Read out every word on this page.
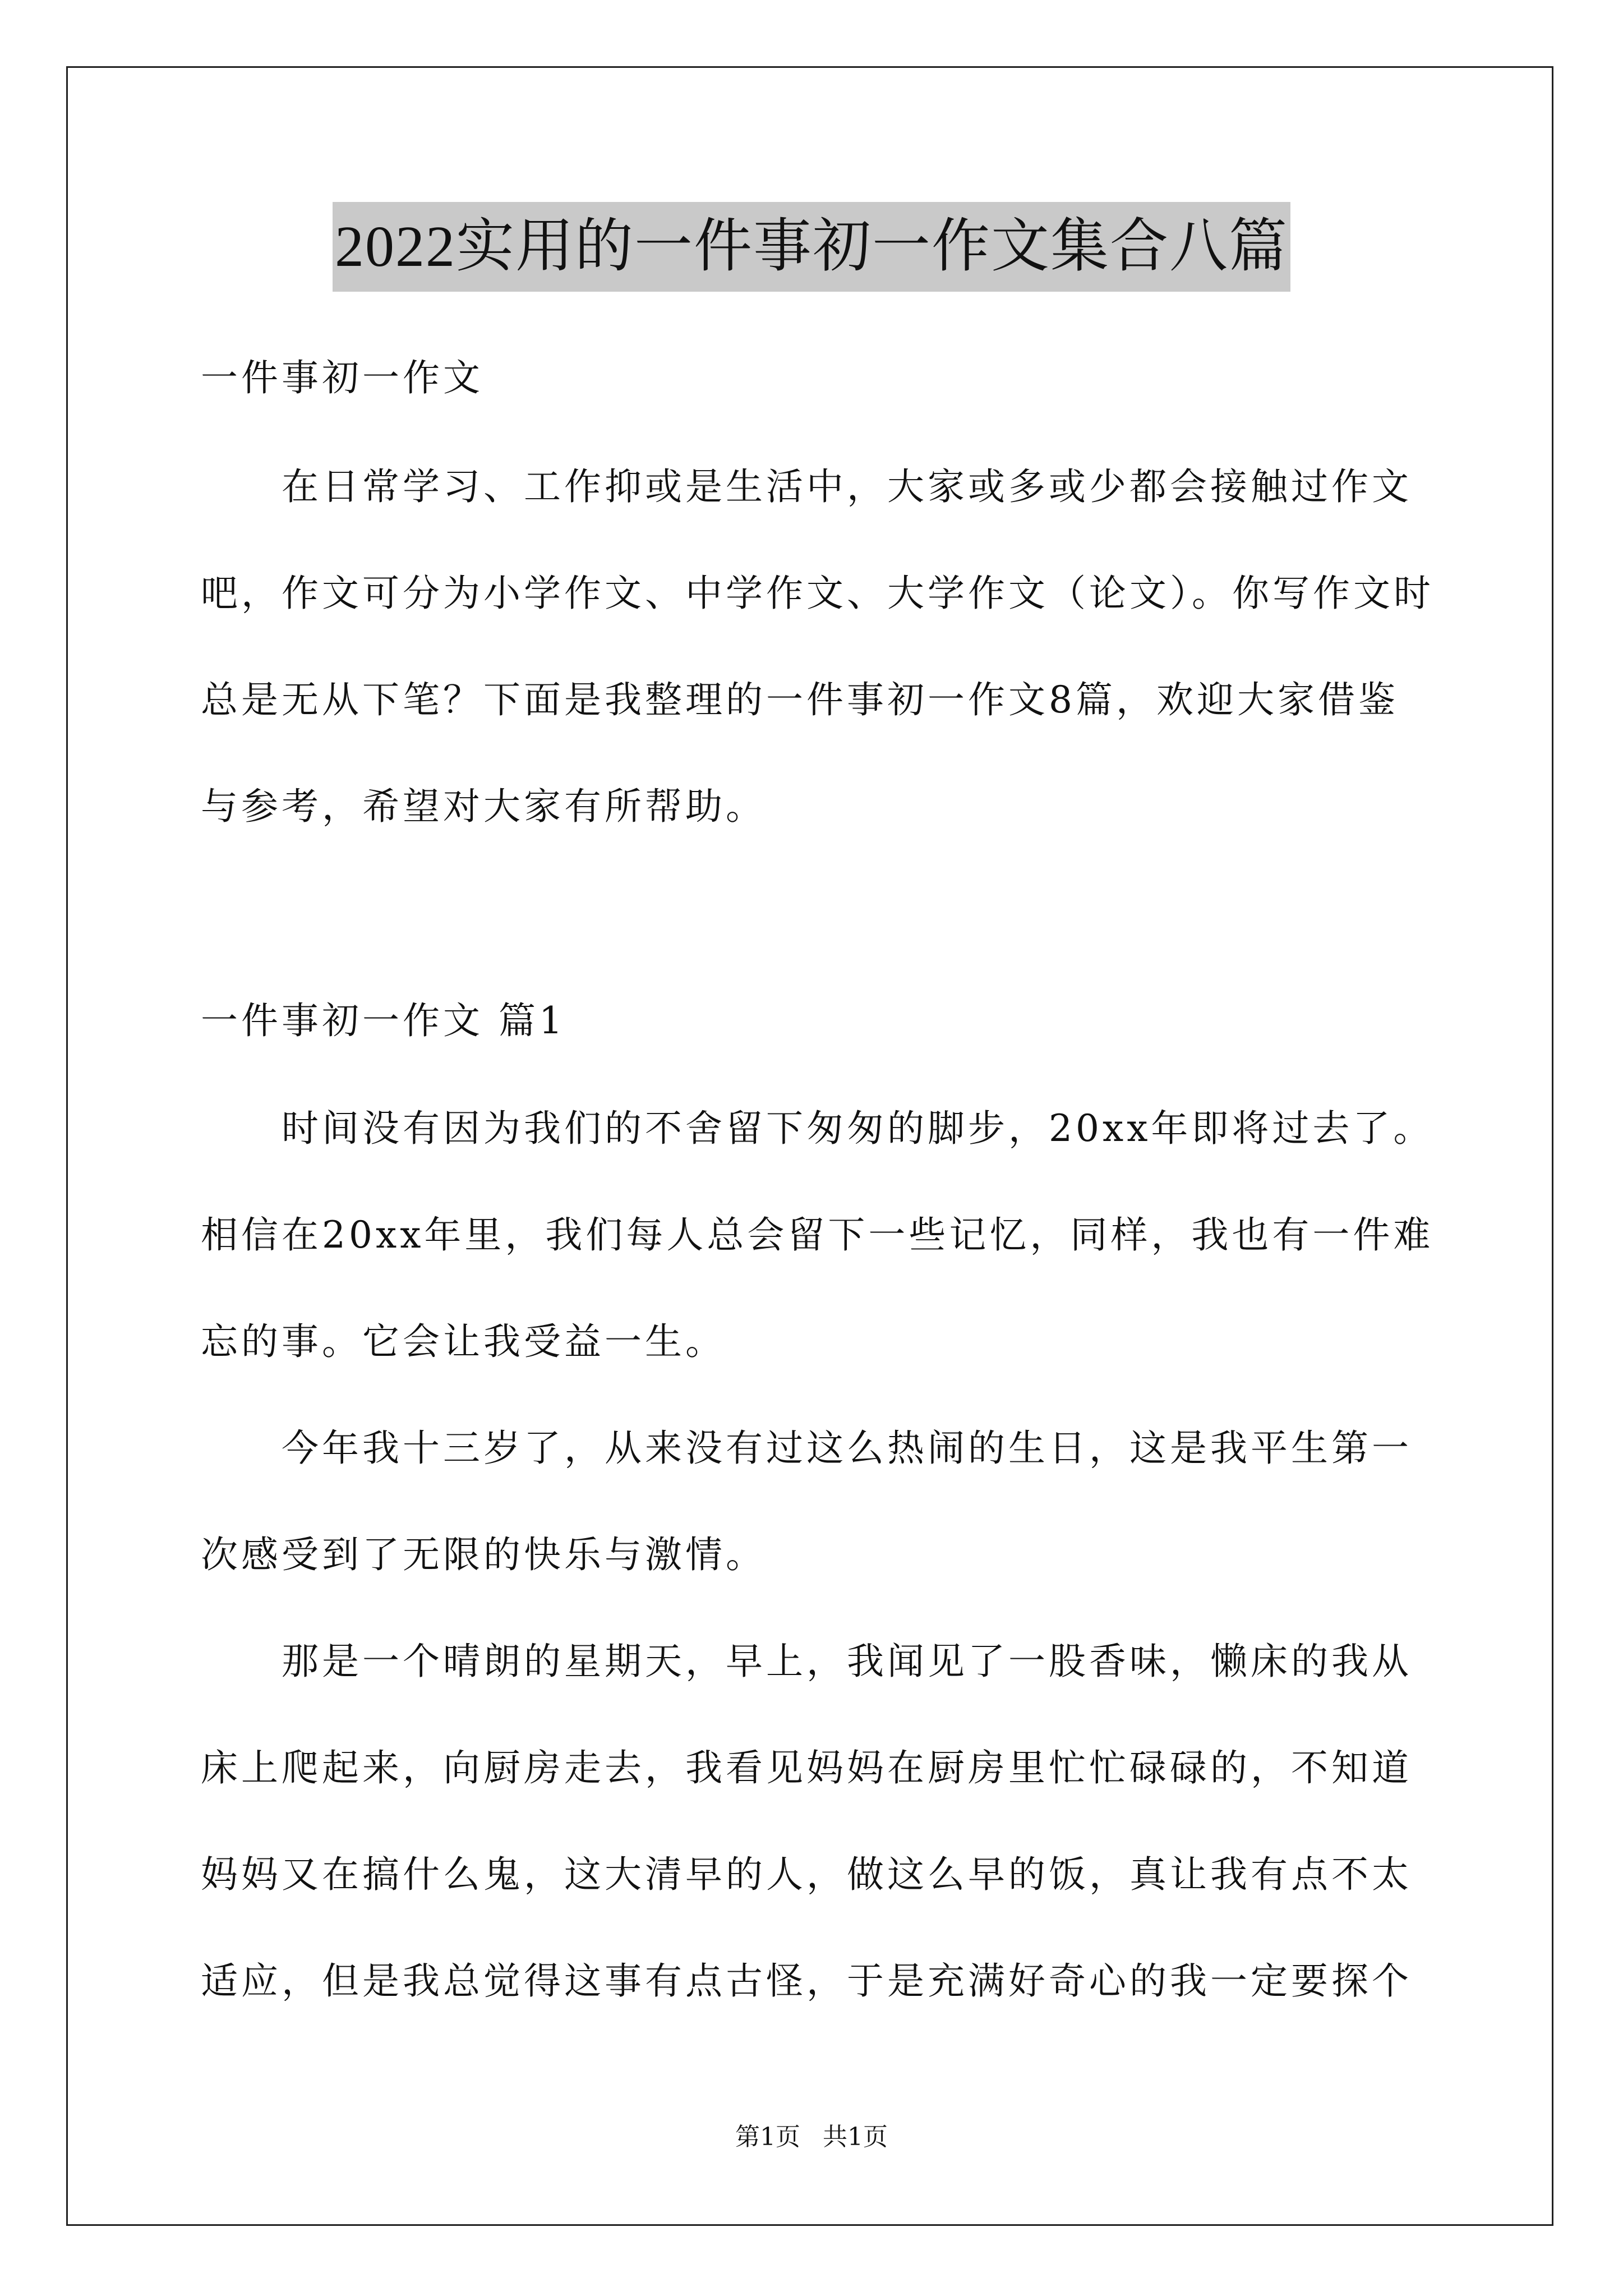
2022实用的一件事初一作文集合八篇
一件事初一作文
　　在日常学习、工作抑或是生活中，大家或多或少都会接触过作文
吧，作文可分为小学作文、中学作文、大学作文（论文）。你写作文时
总是无从下笔？下面是我整理的一件事初一作文8篇，欢迎大家借鉴
与参考，希望对大家有所帮助。
一件事初一作文 篇1
　　时间没有因为我们的不舍留下匆匆的脚步，20xx年即将过去了。
相信在20xx年里，我们每人总会留下一些记忆，同样，我也有一件难
忘的事。它会让我受益一生。
　　今年我十三岁了，从来没有过这么热闹的生日，这是我平生第一
次感受到了无限的快乐与激情。
　　那是一个晴朗的星期天，早上，我闻见了一股香味，懒床的我从
床上爬起来，向厨房走去，我看见妈妈在厨房里忙忙碌碌的，不知道
妈妈又在搞什么鬼，这大清早的人，做这么早的饭，真让我有点不太
适应，但是我总觉得这事有点古怪，于是充满好奇心的我一定要探个
第1页 共1页
